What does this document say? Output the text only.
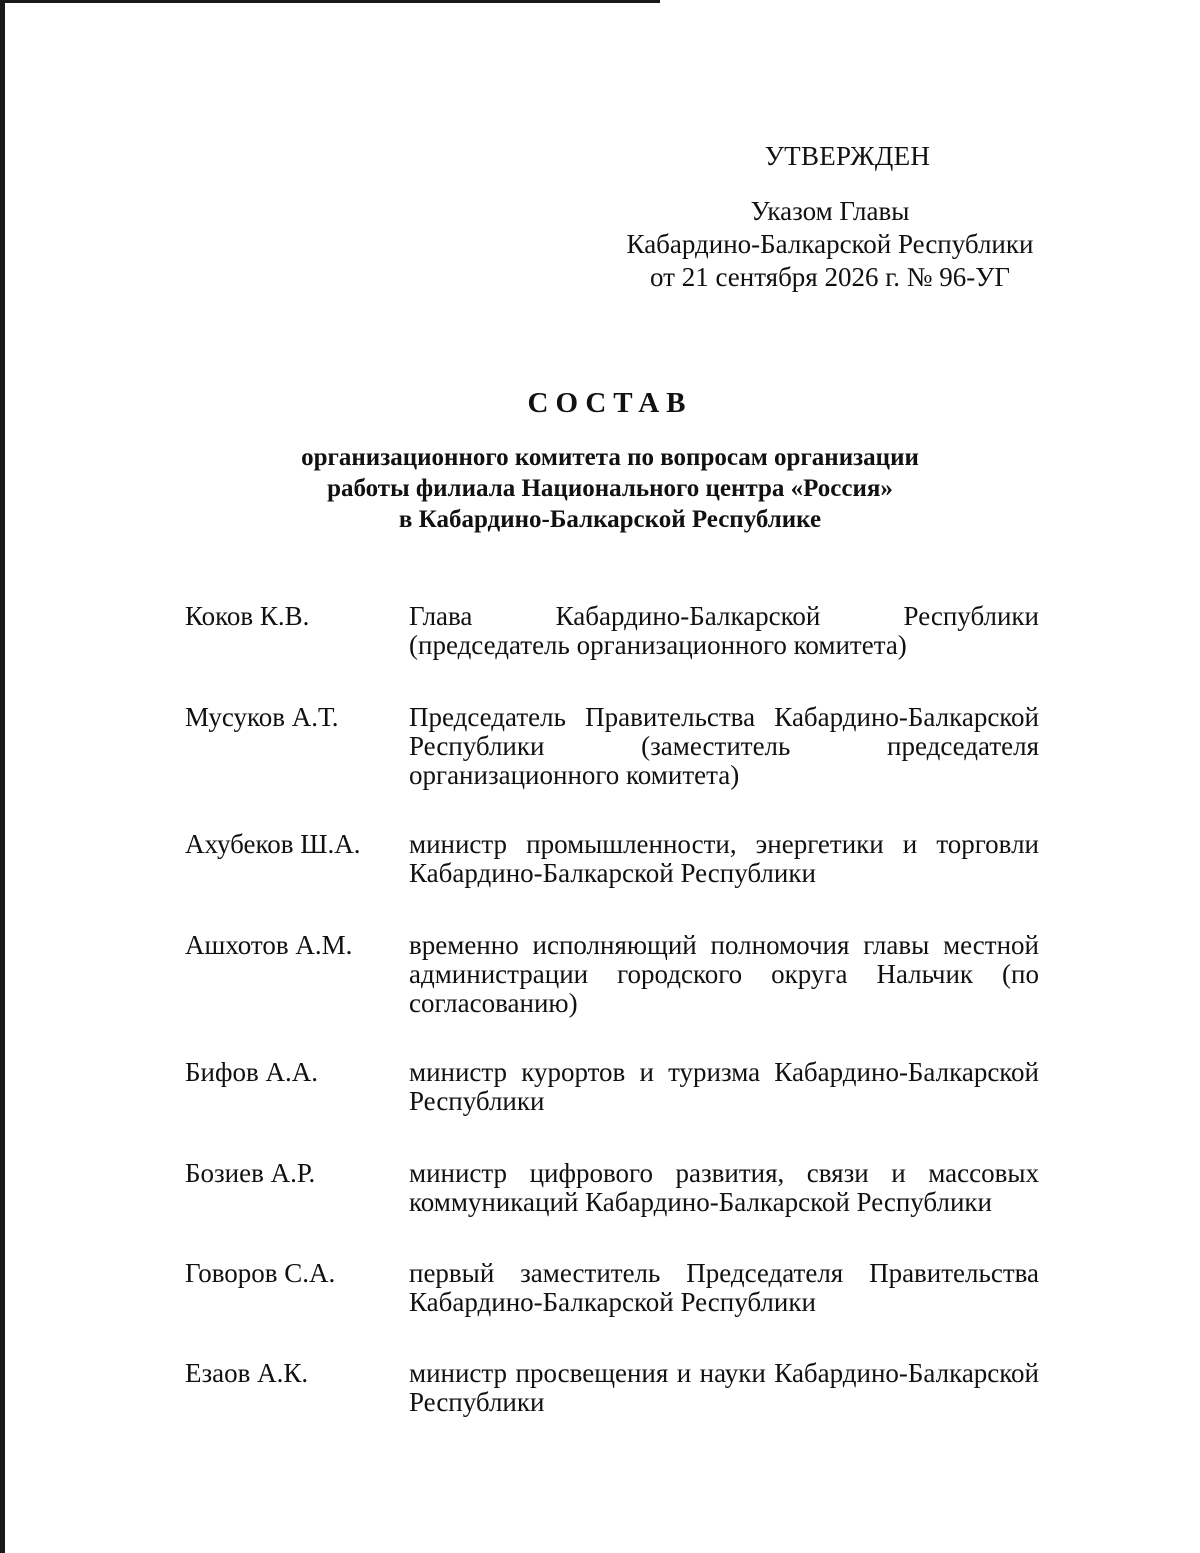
УТВЕРЖДЕН
Указом Главы
Кабардино-Балкарской Республики
от 21 сентября 2026 г. № 96-УГ
СОСТАВ
организационного комитета по вопросам организации
работы филиала Национального центра «Россия»
в Кабардино-Балкарской Республике
Коков К.В.	Глава Кабардино-Балкарской Республики (председатель организационного комитета)
Мусуков А.Т.	Председатель Правительства Кабардино-Балкарской Республики (заместитель председателя организационного комитета)
Ахубеков Ш.А.	министр промышленности, энергетики и торговли Кабардино-Балкарской Республики
Ашхотов А.М.	временно исполняющий полномочия главы местной администрации городского округа Нальчик (по согласованию)
Бифов А.А.	министр курортов и туризма Кабардино-Балкарской Республики
Бозиев А.Р.	министр цифрового развития, связи и массовых коммуникаций Кабардино-Балкарской Республики
Говоров С.А.	первый заместитель Председателя Правительства Кабардино-Балкарской Республики
Езаов А.К.	министр просвещения и науки Кабардино-Балкарской Республики
